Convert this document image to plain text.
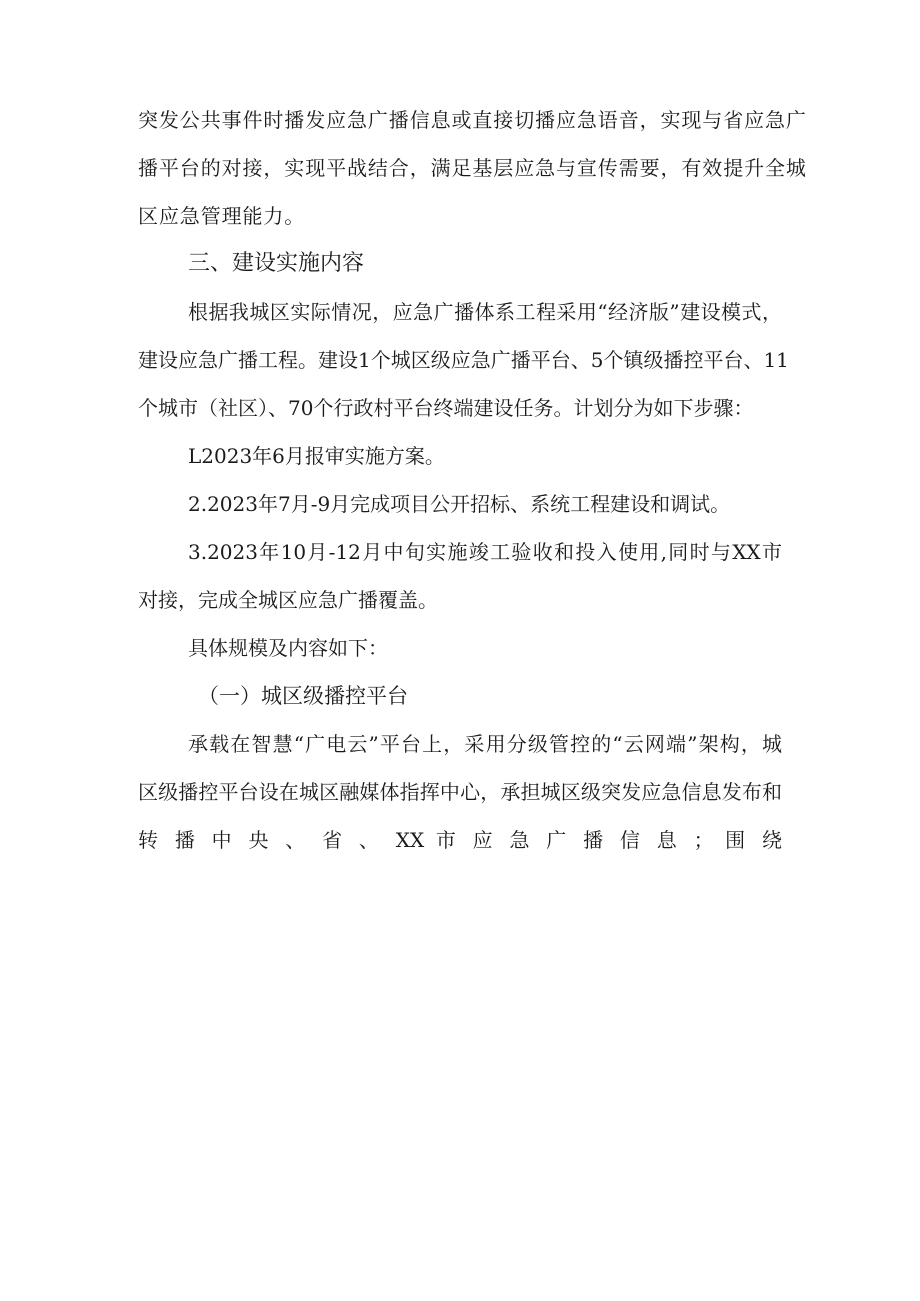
突发公共事件时播发应急广播信息或直接切播应急语音，实现与省应急广
播平台的对接，实现平战结合，满足基层应急与宣传需要，有效提升全城
区应急管理能力。
三、建设实施内容
根据我城区实际情况，应急广播体系工程采用“经济版”建设模式，
建设应急广播工程。建设1个城区级应急广播平台、5个镇级播控平台、11
个城市（社区）、70个行政村平台终端建设任务。计划分为如下步骤：
L2023年6月报审实施方案。
2.2023年7月-9月完成项目公开招标、系统工程建设和调试。
3.2023年10月-12月中旬实施竣工验收和投入使用,同时与XX市
对接，完成全城区应急广播覆盖。
具体规模及内容如下：
（一）城区级播控平台
承载在智慧“广电云”平台上，采用分级管控的“云网端”架构，城
区级播控平台设在城区融媒体指挥中心，承担城区级突发应急信息发布和
转 播 中 央 、 省 、 XX 市 应 急 广 播 信 息 ； 围 绕
